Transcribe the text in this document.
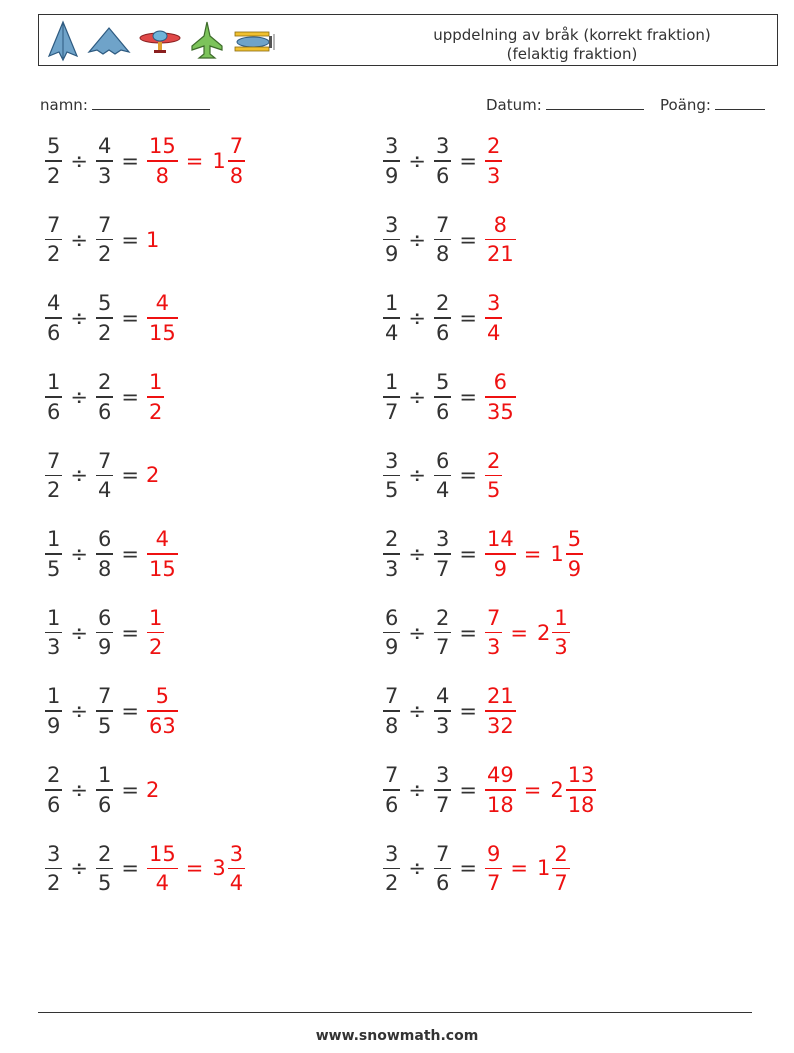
uppdelning av bråk (korrekt fraktion)
(felaktig fraktion)
namn:	Datum:	Poäng:
$\frac{5}{2} \div \frac{4}{3} = \frac{15}{8} = 1 \frac{7}{8}$	$\frac{3}{9} \div \frac{3}{6} = \frac{2}{3}$
$\frac{7}{2} \div \frac{7}{2} = 1$	$\frac{3}{9} \div \frac{7}{8} = \frac{8}{21}$
$\frac{4}{6} \div \frac{5}{2} = \frac{4}{15}$	$\frac{1}{4} \div \frac{2}{6} = \frac{3}{4}$
$\frac{1}{6} \div \frac{2}{6} = \frac{1}{2}$	$\frac{1}{7} \div \frac{5}{6} = \frac{6}{35}$
$\frac{7}{2} \div \frac{7}{4} = 2$	$\frac{3}{5} \div \frac{6}{4} = \frac{2}{5}$
$\frac{1}{5} \div \frac{6}{8} = \frac{4}{15}$	$\frac{2}{3} \div \frac{3}{7} = \frac{14}{9} = 1 \frac{5}{9}$
$\frac{1}{3} \div \frac{6}{9} = \frac{1}{2}$	$\frac{6}{9} \div \frac{2}{7} = \frac{7}{3} = 2 \frac{1}{3}$
$\frac{1}{9} \div \frac{7}{5} = \frac{5}{63}$	$\frac{7}{8} \div \frac{4}{3} = \frac{21}{32}$
$\frac{2}{6} \div \frac{1}{6} = 2$	$\frac{7}{6} \div \frac{3}{7} = \frac{49}{18} = 2 \frac{13}{18}$
$\frac{3}{2} \div \frac{2}{5} = \frac{15}{4} = 3 \frac{3}{4}$	$\frac{3}{2} \div \frac{7}{6} = \frac{9}{7} = 1 \frac{2}{7}$
www.snowmath.com
